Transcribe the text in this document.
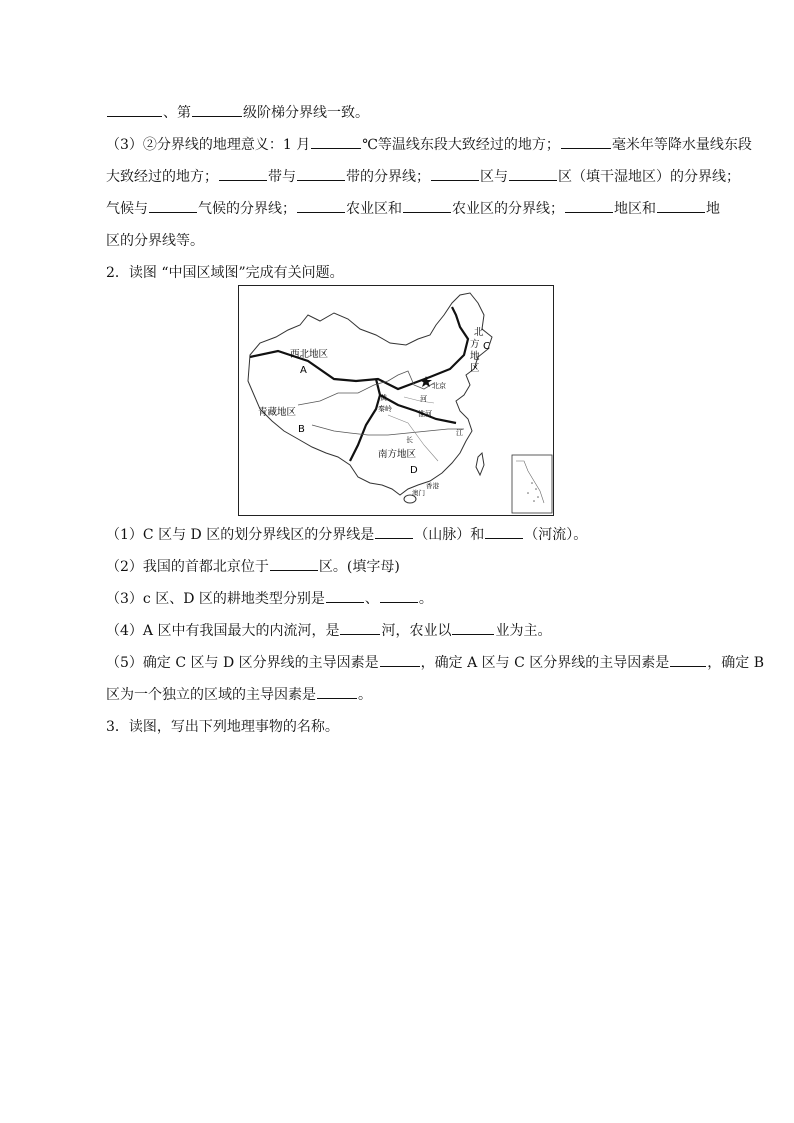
、第	级阶梯分界线一致。
（3）②分界线的地理意义：1 月	℃等温线东段大致经过的地方；	毫米年等降水量线东段
大致经过的地方；	带与	带的分界线；	区与	区（填干湿地区）的分界线；
气候与	气候的分界线；	农业区和	农业区的分界线；	地区和	地
区的分界线等。
2．读图 “中国区域图”完成有关问题。
西北地区
A
青藏地区
B
北
方
地
区
C
南方地区
D
北京
黄	河
秦岭
淮河
长
江
香港
澳门
（1）C 区与 D 区的划分界线区的分界线是	（山脉）和	（河流）。
（2）我国的首都北京位于	区。(填字母)
（3）c 区、D 区的耕地类型分别是	、	。
（4）A 区中有我国最大的内流河，是	河，农业以	业为主。
（5）确定 C 区与 D 区分界线的主导因素是	，确定 A 区与 C 区分界线的主导因素是	，确定 B
区为一个独立的区域的主导因素是	。
3．读图，写出下列地理事物的名称。
